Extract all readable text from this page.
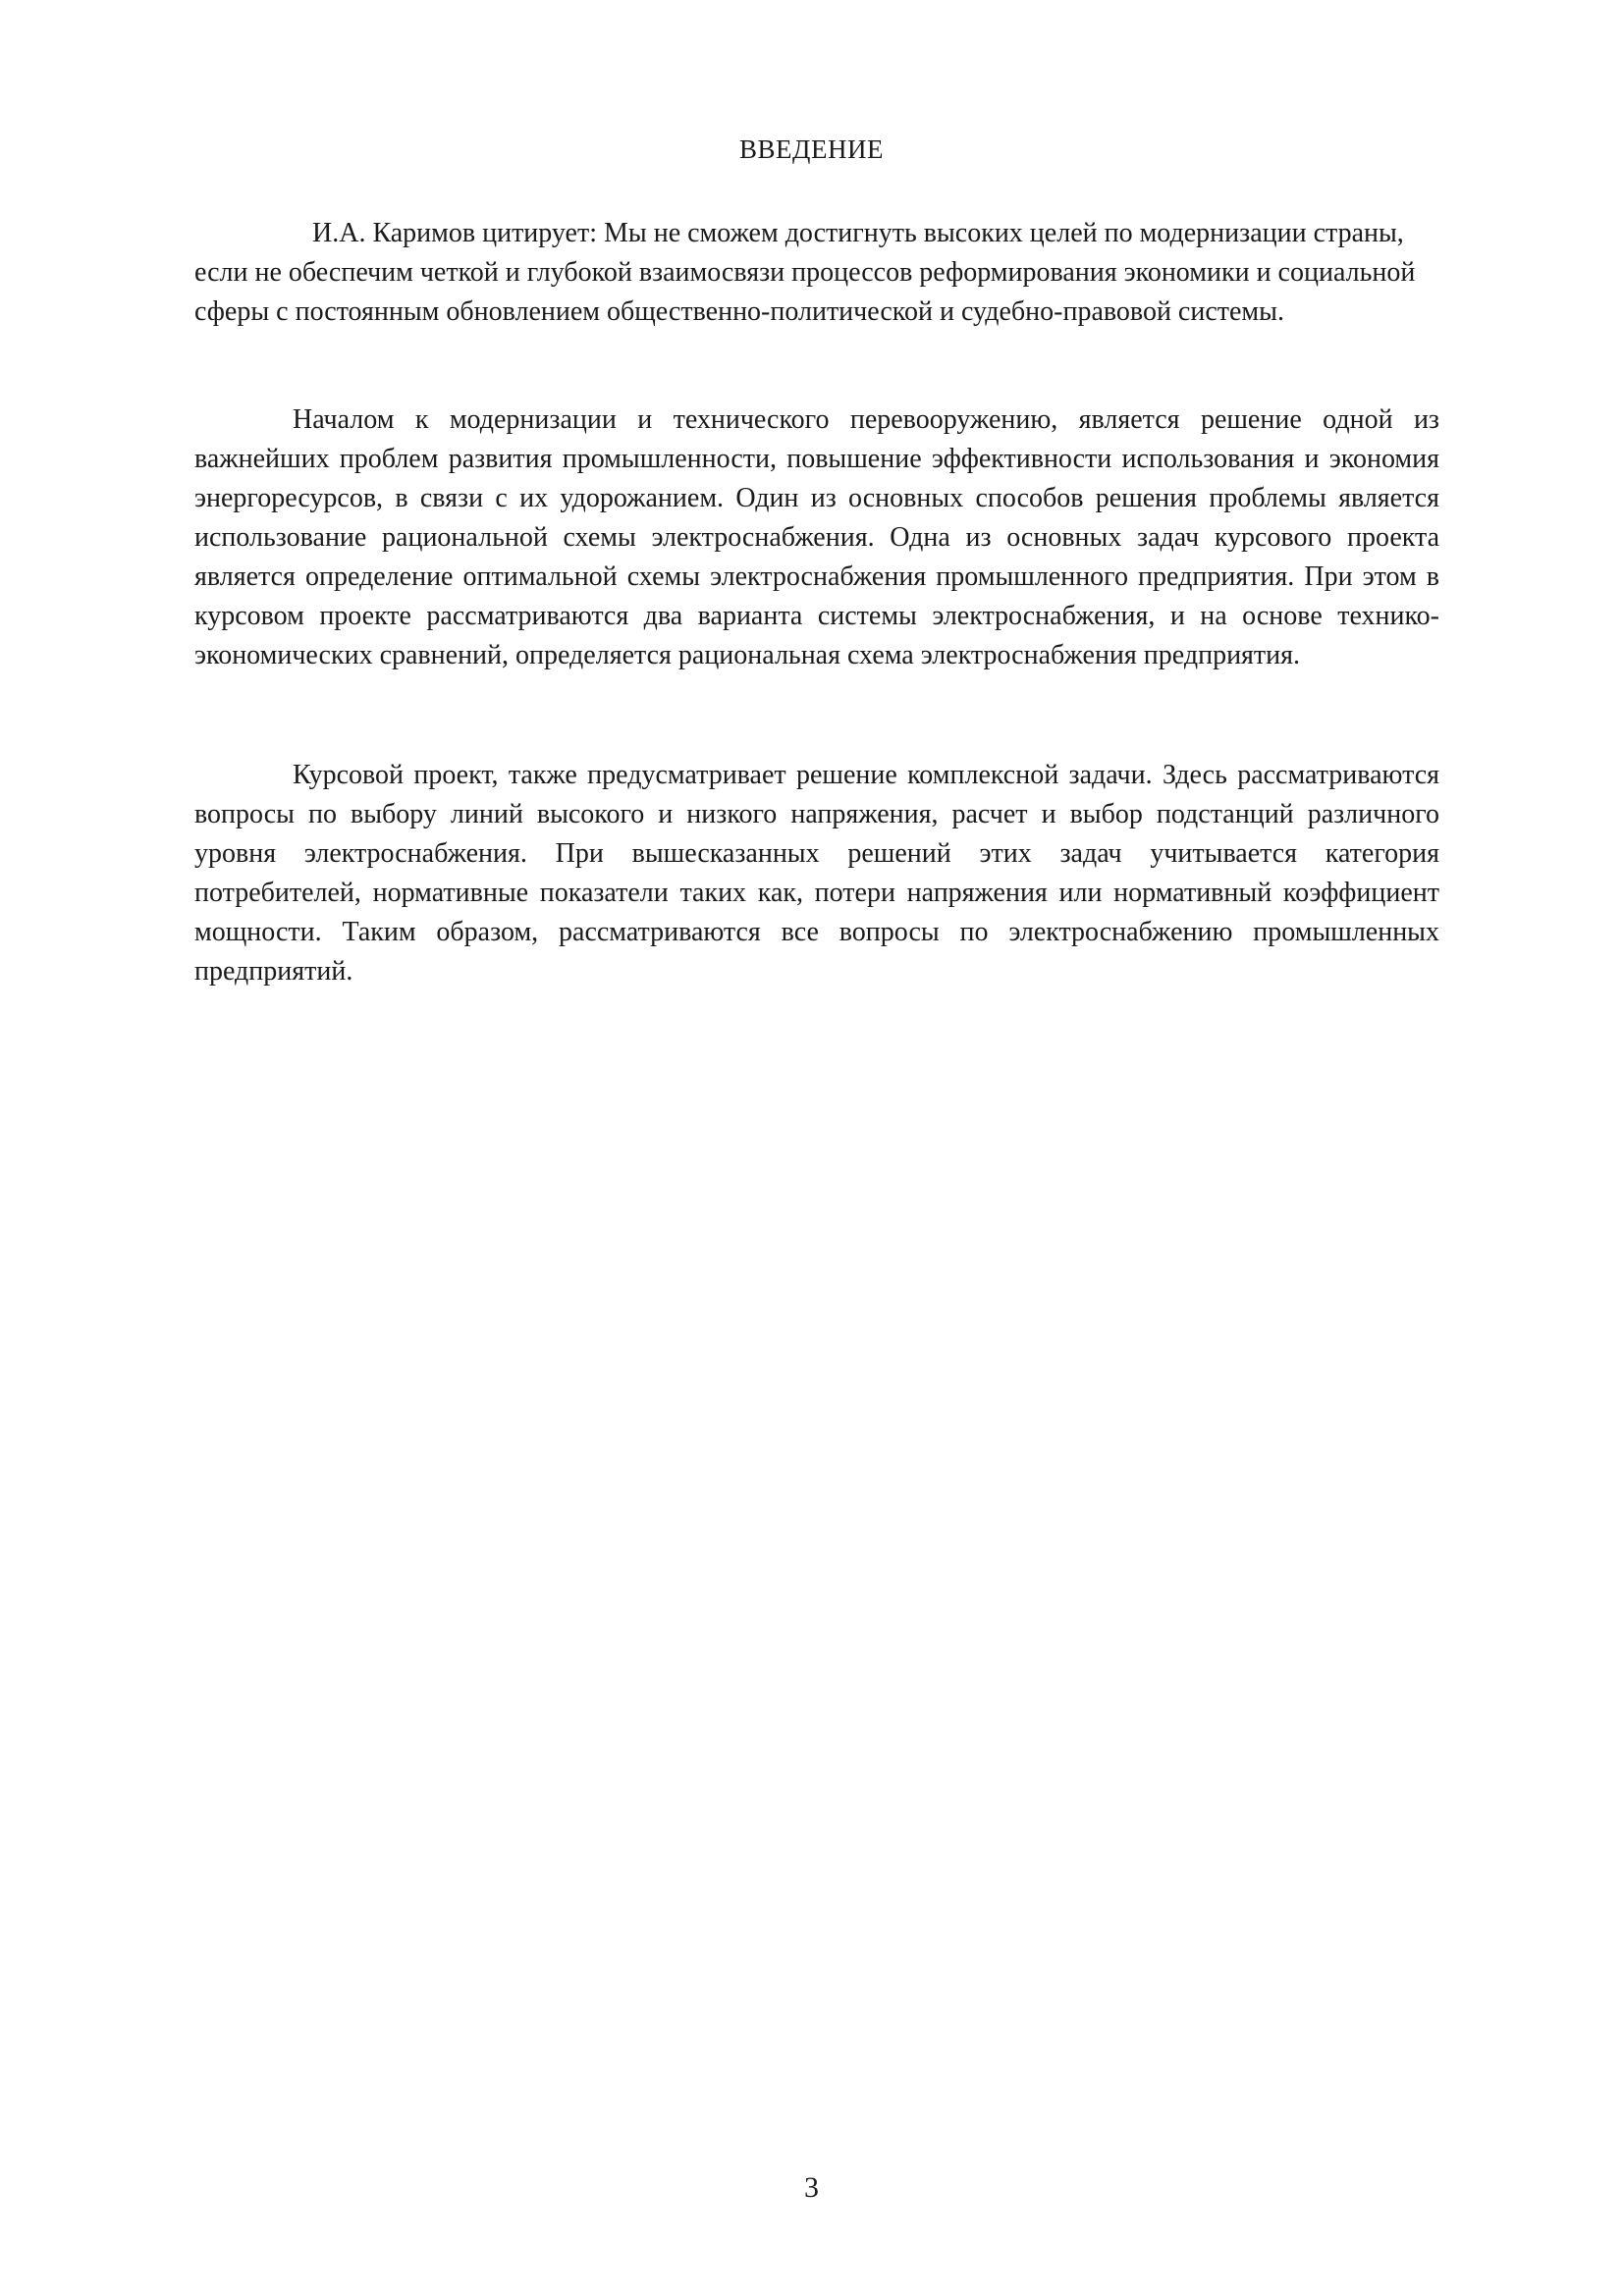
ВВЕДЕНИЕ
И.А. Каримов цитирует: Мы не сможем достигнуть высоких целей по модернизации страны, если не обеспечим четкой и глубокой взаимосвязи процессов реформирования экономики и социальной сферы с постоянным обновлением общественно-политической и судебно-правовой системы.
Началом к модернизации и технического перевооружению, является решение одной из важнейших проблем развития промышленности, повышение эффективности использования и экономия энергоресурсов, в связи с их удорожанием. Один из основных способов решения проблемы является использование рациональной схемы электроснабжения. Одна из основных задач курсового проекта является определение оптимальной схемы электроснабжения промышленного предприятия. При этом в курсовом проекте рассматриваются два варианта системы электроснабжения, и на основе технико-экономических сравнений, определяется рациональная схема электроснабжения предприятия.
Курсовой проект, также предусматривает решение комплексной задачи. Здесь рассматриваются вопросы по выбору линий высокого и низкого напряжения, расчет и выбор подстанций различного уровня электроснабжения. При вышесказанных решений этих задач учитывается категория потребителей, нормативные показатели таких как, потери напряжения или нормативный коэффициент мощности. Таким образом, рассматриваются все вопросы по электроснабжению промышленных предприятий.
3
